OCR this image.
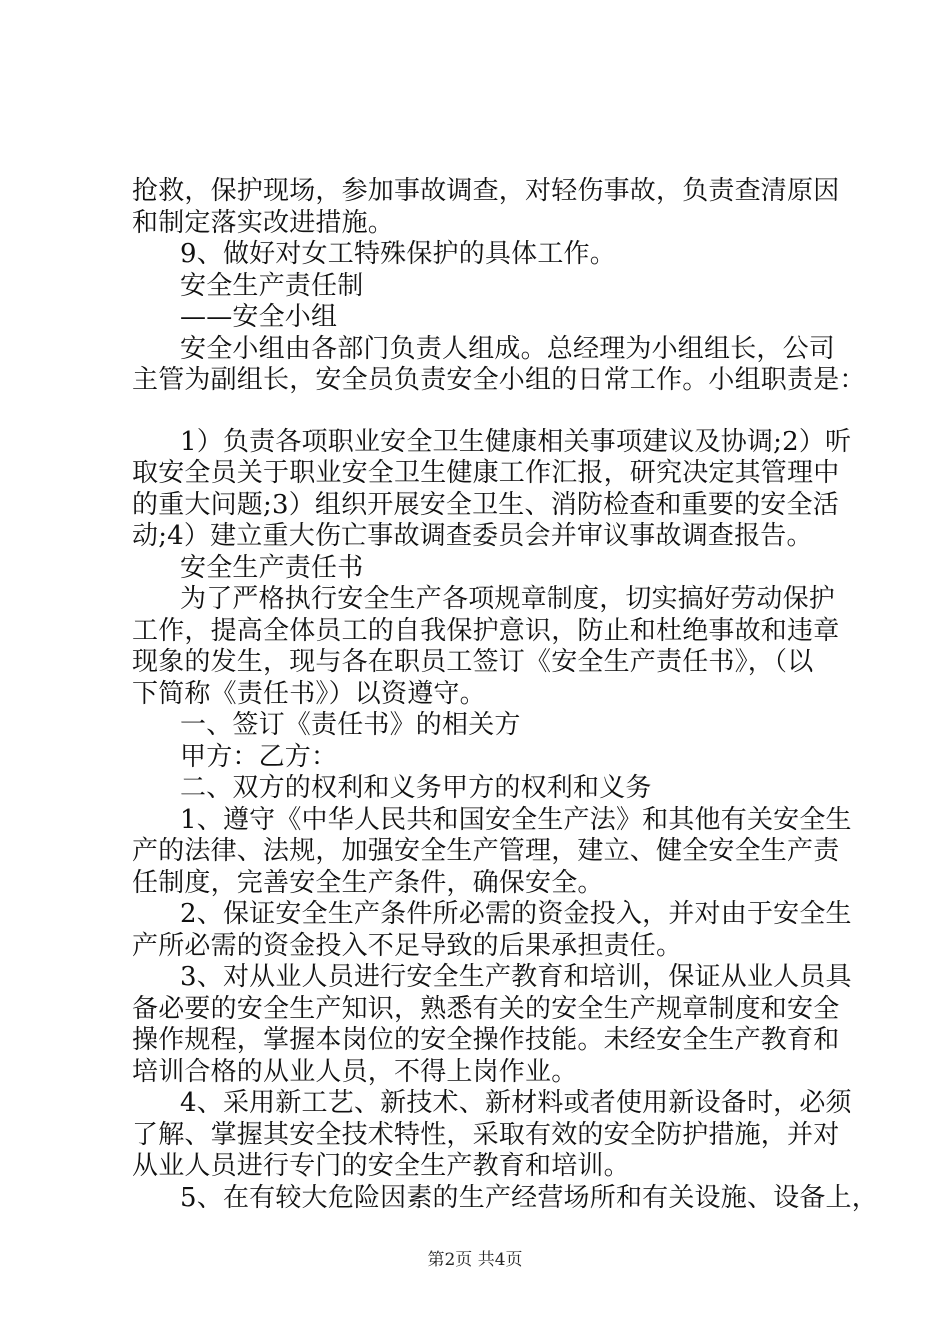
抢救，保护现场，参加事故调查，对轻伤事故，负责查清原因
和制定落实改进措施。
9、做好对女工特殊保护的具体工作。
安全生产责任制
——安全小组
安全小组由各部门负责人组成。总经理为小组组长，公司
主管为副组长，安全员负责安全小组的日常工作。小组职责是：
1）负责各项职业安全卫生健康相关事项建议及协调;2）听
取安全员关于职业安全卫生健康工作汇报，研究决定其管理中
的重大问题;3）组织开展安全卫生、消防检查和重要的安全活
动;4）建立重大伤亡事故调查委员会并审议事故调查报告。
安全生产责任书
为了严格执行安全生产各项规章制度，切实搞好劳动保护
工作，提高全体员工的自我保护意识，防止和杜绝事故和违章
现象的发生，现与各在职员工签订《安全生产责任书》，（以
下简称《责任书》）以资遵守。
一、签订《责任书》的相关方
甲方：乙方：
二、双方的权利和义务甲方的权利和义务
1、遵守《中华人民共和国安全生产法》和其他有关安全生
产的法律、法规，加强安全生产管理，建立、健全安全生产责
任制度，完善安全生产条件，确保安全。
2、保证安全生产条件所必需的资金投入，并对由于安全生
产所必需的资金投入不足导致的后果承担责任。
3、对从业人员进行安全生产教育和培训，保证从业人员具
备必要的安全生产知识，熟悉有关的安全生产规章制度和安全
操作规程，掌握本岗位的安全操作技能。未经安全生产教育和
培训合格的从业人员，不得上岗作业。
4、采用新工艺、新技术、新材料或者使用新设备时，必须
了解、掌握其安全技术特性，采取有效的安全防护措施，并对
从业人员进行专门的安全生产教育和培训。
5、在有较大危险因素的生产经营场所和有关设施、设备上，
第2页 共4页
